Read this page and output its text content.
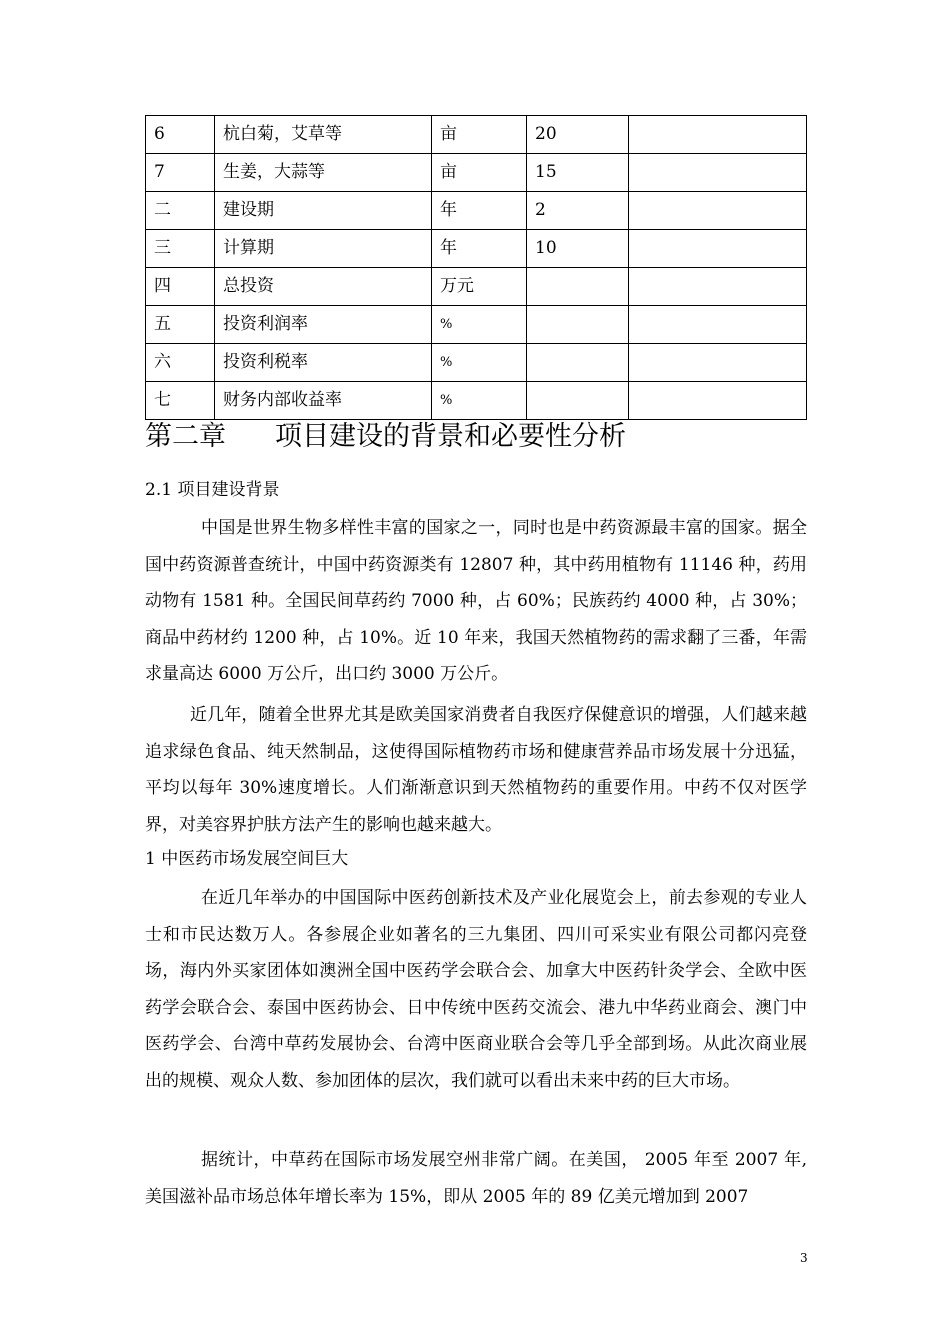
6	杭白菊，艾草等	亩	20	
7	生姜，大蒜等	亩	15	
二	建设期	年	2	
三	计算期	年	10	
四	总投资	万元		
五	投资利润率	%		
六	投资利税率	%		
七	财务内部收益率	%		
第二章 项目建设的背景和必要性分析
2.1 项目建设背景

中国是世界生物多样性丰富的国家之一，同时也是中药资源最丰富的国家。据全国中药资源普查统计，中国中药资源类有 12807 种，其中药用植物有 11146 种，药用动物有 1581 种。全国民间草药约 7000 种，占 60%；民族药约 4000 种，占 30%；商品中药材约 1200 种，占 10%。近 10 年来，我国天然植物药的需求翻了三番，年需求量高达 6000 万公斤，出口约 3000 万公斤。

近几年，随着全世界尤其是欧美国家消费者自我医疗保健意识的增强，人们越来越追求绿色食品、纯天然制品，这使得国际植物药市场和健康营养品市场发展十分迅猛，平均以每年 30%速度增长。人们渐渐意识到天然植物药的重要作用。中药不仅对医学界，对美容界护肤方法产生的影响也越来越大。

1 中医药市场发展空间巨大

在近几年举办的中国国际中医药创新技术及产业化展览会上，前去参观的专业人士和市民达数万人。各参展企业如著名的三九集团、四川可采实业有限公司都闪亮登场，海内外买家团体如澳洲全国中医药学会联合会、加拿大中医药针灸学会、全欧中医药学会联合会、泰国中医药协会、日中传统中医药交流会、港九中华药业商会、澳门中医药学会、台湾中草药发展协会、台湾中医商业联合会等几乎全部到场。从此次商业展出的规模、观众人数、参加团体的层次，我们就可以看出未来中药的巨大市场。

据统计，中草药在国际市场发展空州非常广阔。在美国， 2005 年至 2007 年,美国滋补品市场总体年增长率为 15%，即从 2005 年的 89 亿美元增加到 2007

3
